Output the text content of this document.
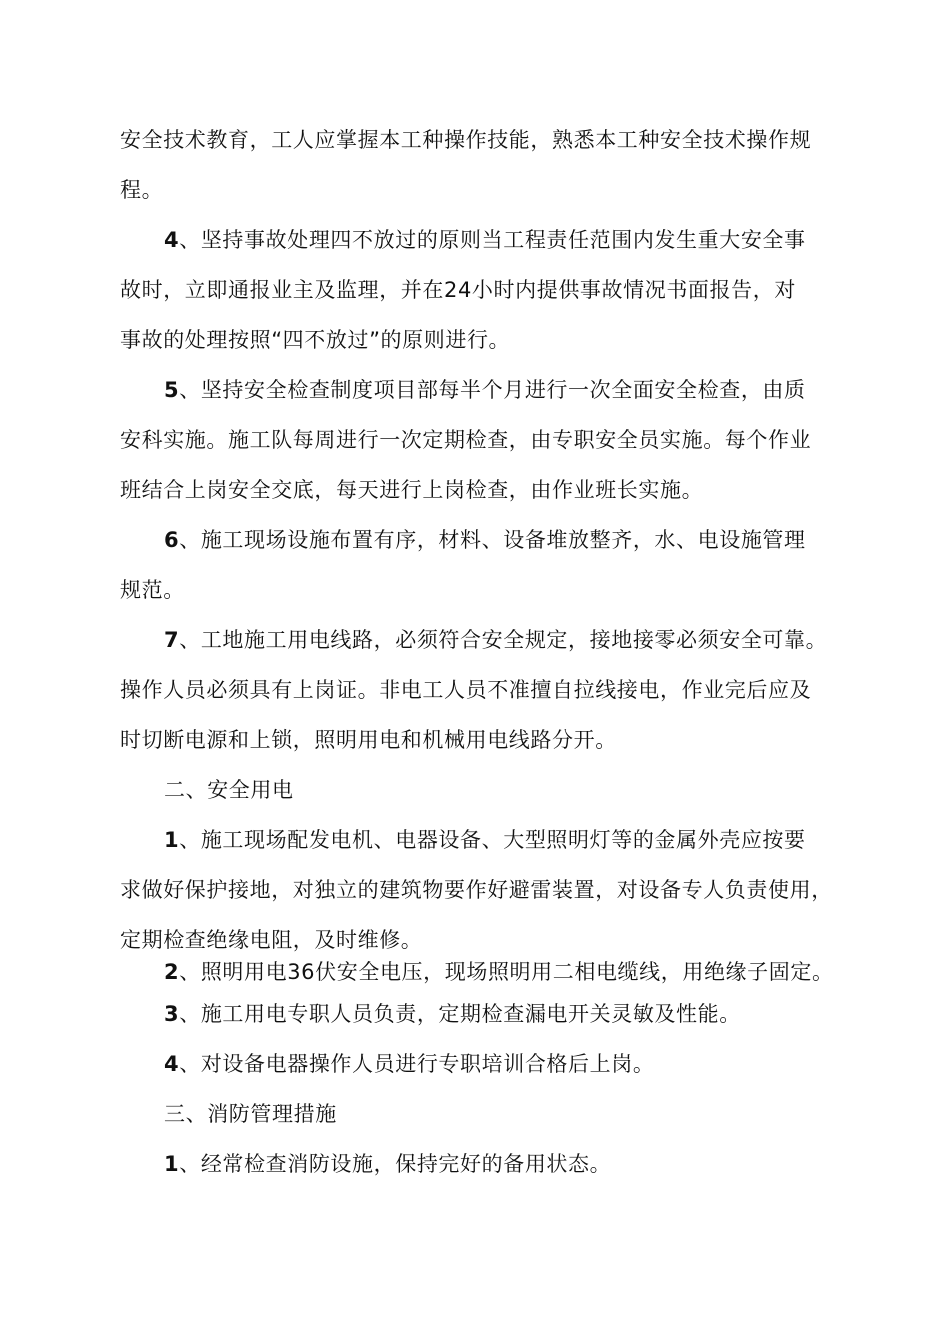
安全技术教育，工人应掌握本工种操作技能，熟悉本工种安全技术操作规
程。
4、坚持事故处理四不放过的原则当工程责任范围内发生重大安全事
故时，立即通报业主及监理，并在24小时内提供事故情况书面报告，对
事故的处理按照“四不放过”的原则进行。
5、坚持安全检查制度项目部每半个月进行一次全面安全检查，由质
安科实施。施工队每周进行一次定期检查，由专职安全员实施。每个作业
班结合上岗安全交底，每天进行上岗检查，由作业班长实施。
6、施工现场设施布置有序，材料、设备堆放整齐，水、电设施管理
规范。
7、工地施工用电线路，必须符合安全规定，接地接零必须安全可靠。
操作人员必须具有上岗证。非电工人员不准擅自拉线接电，作业完后应及
时切断电源和上锁，照明用电和机械用电线路分开。
二、安全用电
1、施工现场配发电机、电器设备、大型照明灯等的金属外壳应按要
求做好保护接地，对独立的建筑物要作好避雷装置，对设备专人负责使用，
定期检查绝缘电阻，及时维修。
2、照明用电36伏安全电压，现场照明用二相电缆线，用绝缘子固定。
3、施工用电专职人员负责，定期检查漏电开关灵敏及性能。
4、对设备电器操作人员进行专职培训合格后上岗。
三、消防管理措施
1、经常检查消防设施，保持完好的备用状态。
